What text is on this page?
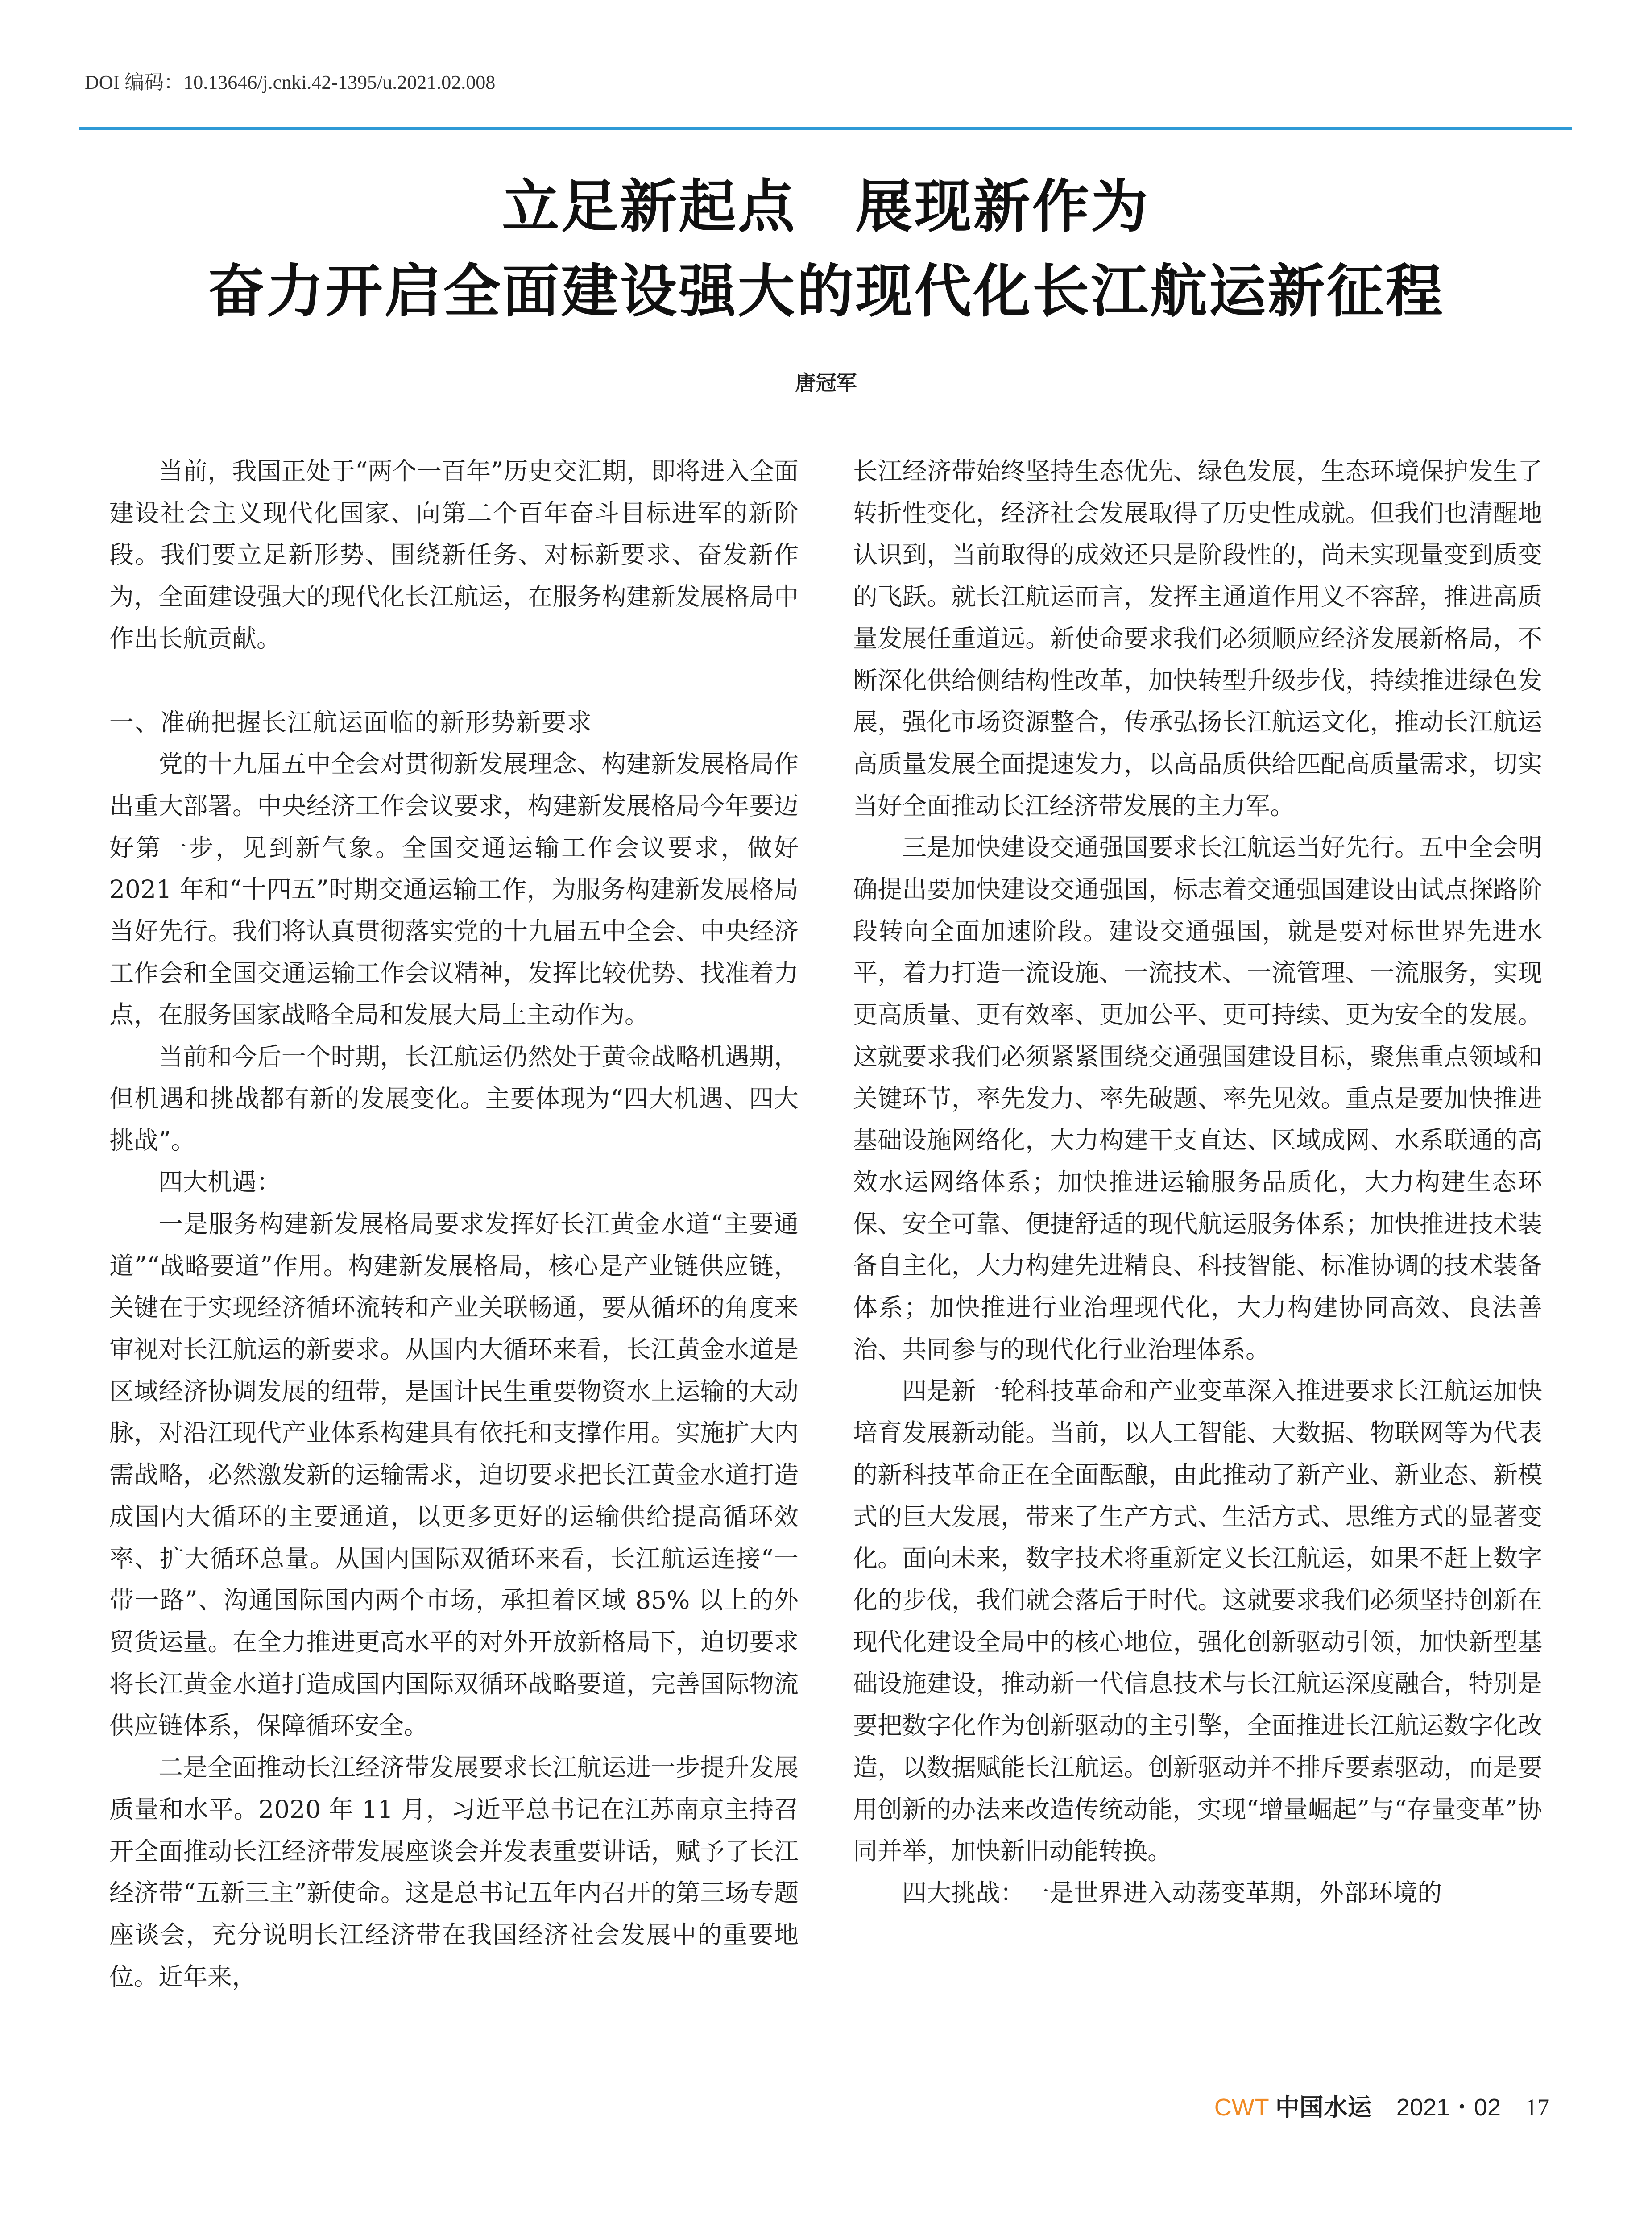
DOI 编码：10.13646/j.cnki.42-1395/u.2021.02.008
立足新起点　展现新作为
奋力开启全面建设强大的现代化长江航运新征程
唐冠军

当前，我国正处于“两个一百年”历史交汇期，即将进入全面建设社会主义现代化国家、向第二个百年奋斗目标进军的新阶段。我们要立足新形势、围绕新任务、对标新要求、奋发新作为，全面建设强大的现代化长江航运，在服务构建新发展格局中作出长航贡献。

一、准确把握长江航运面临的新形势新要求

党的十九届五中全会对贯彻新发展理念、构建新发展格局作出重大部署。中央经济工作会议要求，构建新发展格局今年要迈好第一步，见到新气象。全国交通运输工作会议要求，做好 2021 年和“十四五”时期交通运输工作，为服务构建新发展格局当好先行。我们将认真贯彻落实党的十九届五中全会、中央经济工作会和全国交通运输工作会议精神，发挥比较优势、找准着力点，在服务国家战略全局和发展大局上主动作为。

当前和今后一个时期，长江航运仍然处于黄金战略机遇期，但机遇和挑战都有新的发展变化。主要体现为“四大机遇、四大挑战”。

四大机遇：

一是服务构建新发展格局要求发挥好长江黄金水道“主要通道”“战略要道”作用。构建新发展格局，核心是产业链供应链，关键在于实现经济循环流转和产业关联畅通，要从循环的角度来审视对长江航运的新要求。从国内大循环来看，长江黄金水道是区域经济协调发展的纽带，是国计民生重要物资水上运输的大动脉，对沿江现代产业体系构建具有依托和支撑作用。实施扩大内需战略，必然激发新的运输需求，迫切要求把长江黄金水道打造成国内大循环的主要通道，以更多更好的运输供给提高循环效率、扩大循环总量。从国内国际双循环来看，长江航运连接“一带一路”、沟通国际国内两个市场，承担着区域 85% 以上的外贸货运量。在全力推进更高水平的对外开放新格局下，迫切要求将长江黄金水道打造成国内国际双循环战略要道，完善国际物流供应链体系，保障循环安全。

二是全面推动长江经济带发展要求长江航运进一步提升发展质量和水平。2020 年 11 月，习近平总书记在江苏南京主持召开全面推动长江经济带发展座谈会并发表重要讲话，赋予了长江经济带“五新三主”新使命。这是总书记五年内召开的第三场专题座谈会，充分说明长江经济带在我国经济社会发展中的重要地位。近年来，

长江经济带始终坚持生态优先、绿色发展，生态环境保护发生了转折性变化，经济社会发展取得了历史性成就。但我们也清醒地认识到，当前取得的成效还只是阶段性的，尚未实现量变到质变的飞跃。就长江航运而言，发挥主通道作用义不容辞，推进高质量发展任重道远。新使命要求我们必须顺应经济发展新格局，不断深化供给侧结构性改革，加快转型升级步伐，持续推进绿色发展，强化市场资源整合，传承弘扬长江航运文化，推动长江航运高质量发展全面提速发力，以高品质供给匹配高质量需求，切实当好全面推动长江经济带发展的主力军。

三是加快建设交通强国要求长江航运当好先行。五中全会明确提出要加快建设交通强国，标志着交通强国建设由试点探路阶段转向全面加速阶段。建设交通强国，就是要对标世界先进水平，着力打造一流设施、一流技术、一流管理、一流服务，实现更高质量、更有效率、更加公平、更可持续、更为安全的发展。这就要求我们必须紧紧围绕交通强国建设目标，聚焦重点领域和关键环节，率先发力、率先破题、率先见效。重点是要加快推进基础设施网络化，大力构建干支直达、区域成网、水系联通的高效水运网络体系；加快推进运输服务品质化，大力构建生态环保、安全可靠、便捷舒适的现代航运服务体系；加快推进技术装备自主化，大力构建先进精良、科技智能、标准协调的技术装备体系；加快推进行业治理现代化，大力构建协同高效、良法善治、共同参与的现代化行业治理体系。

四是新一轮科技革命和产业变革深入推进要求长江航运加快培育发展新动能。当前，以人工智能、大数据、物联网等为代表的新科技革命正在全面酝酿，由此推动了新产业、新业态、新模式的巨大发展，带来了生产方式、生活方式、思维方式的显著变化。面向未来，数字技术将重新定义长江航运，如果不赶上数字化的步伐，我们就会落后于时代。这就要求我们必须坚持创新在现代化建设全局中的核心地位，强化创新驱动引领，加快新型基础设施建设，推动新一代信息技术与长江航运深度融合，特别是要把数字化作为创新驱动的主引擎，全面推进长江航运数字化改造，以数据赋能长江航运。创新驱动并不排斥要素驱动，而是要用创新的办法来改造传统动能，实现“增量崛起”与“存量变革”协同并举，加快新旧动能转换。

四大挑战：一是世界进入动荡变革期，外部环境的

CWT 中国水运 2021・02 17
